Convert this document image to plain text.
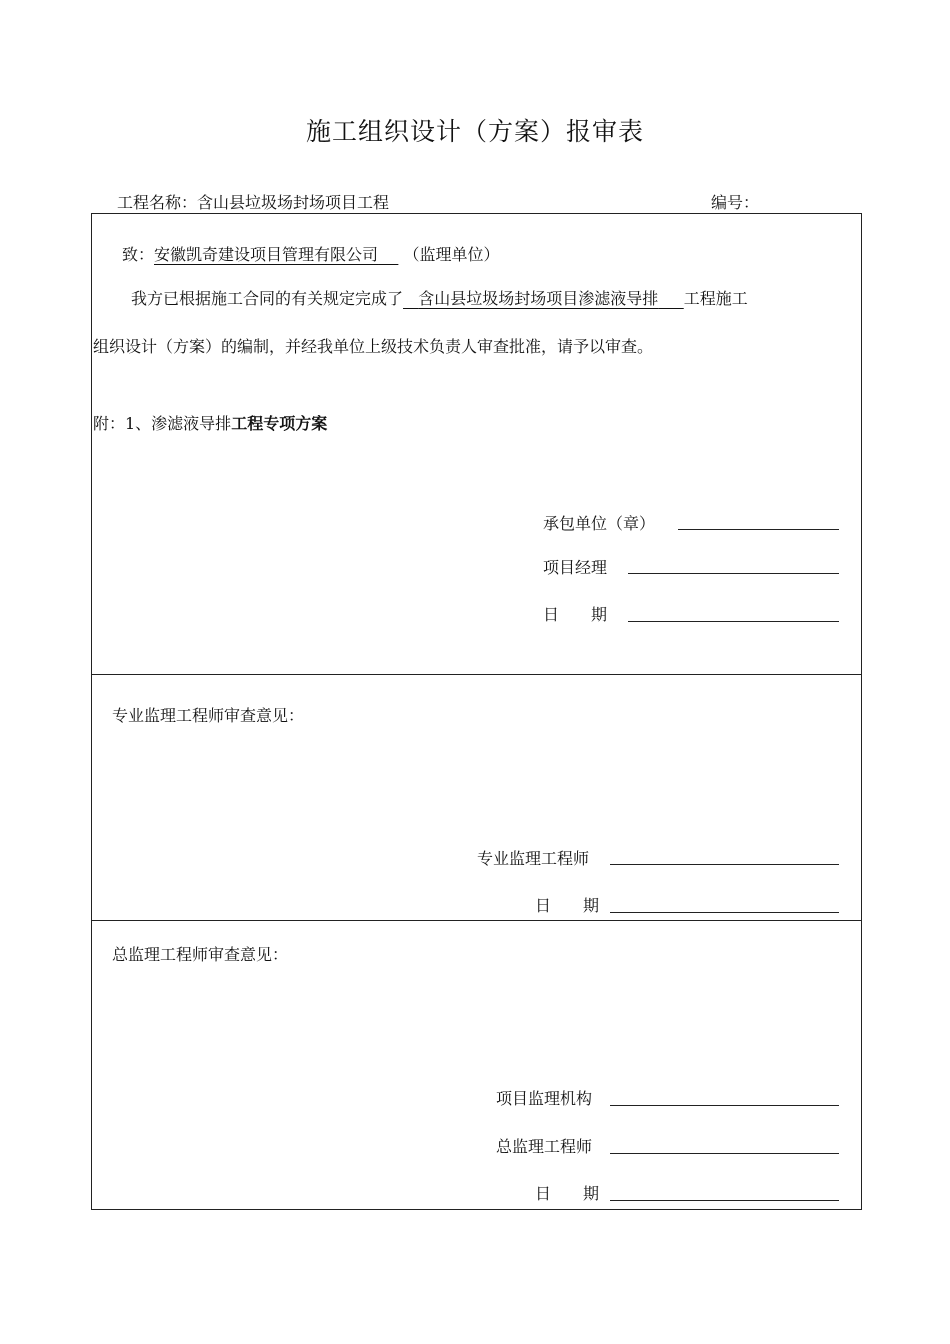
施工组织设计（方案）报审表
工程名称：含山县垃圾场封场项目工程	编号：
致：安徽凯奇建设项目管理有限公司 （监理单位）
我方已根据施工合同的有关规定完成了 含山县垃圾场封场项目渗滤液导排 工程施工
组织设计（方案）的编制，并经我单位上级技术负责人审查批准，请予以审查。
附：1、渗滤液导排工程专项方案
承包单位（章）
项目经理
日　　期
专业监理工程师审查意见：
专业监理工程师
日　　期
总监理工程师审查意见：
项目监理机构
总监理工程师
日　　期
